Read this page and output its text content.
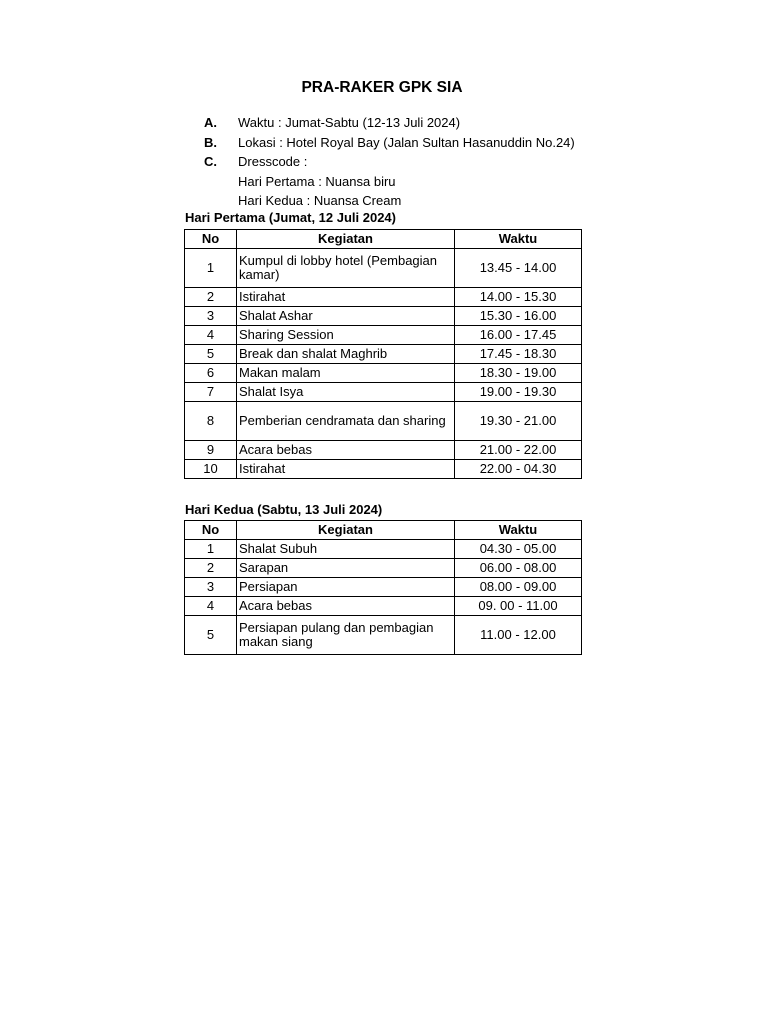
PRA-RAKER GPK SIA
A.	Waktu : Jumat-Sabtu (12-13 Juli 2024)
B.	Lokasi : Hotel Royal Bay (Jalan Sultan Hasanuddin No.24)
C.	Dresscode :
Hari Pertama : Nuansa biru
Hari Kedua : Nuansa Cream
Hari Pertama (Jumat, 12 Juli 2024)
No	Kegiatan	Waktu
1	Kumpul di lobby hotel (Pembagian kamar)	13.45 - 14.00
2	Istirahat	14.00 - 15.30
3	Shalat Ashar	15.30 - 16.00
4	Sharing Session	16.00 - 17.45
5	Break dan shalat Maghrib	17.45 - 18.30
6	Makan malam	18.30 - 19.00
7	Shalat Isya	19.00 - 19.30
8	Pemberian cendramata dan sharing	19.30 - 21.00
9	Acara bebas	21.00 - 22.00
10	Istirahat	22.00 - 04.30
Hari Kedua (Sabtu, 13 Juli 2024)
No	Kegiatan	Waktu
1	Shalat Subuh	04.30 - 05.00
2	Sarapan	06.00 - 08.00
3	Persiapan	08.00 - 09.00
4	Acara bebas	09. 00 - 11.00
5	Persiapan pulang dan pembagian makan siang	11.00 - 12.00
